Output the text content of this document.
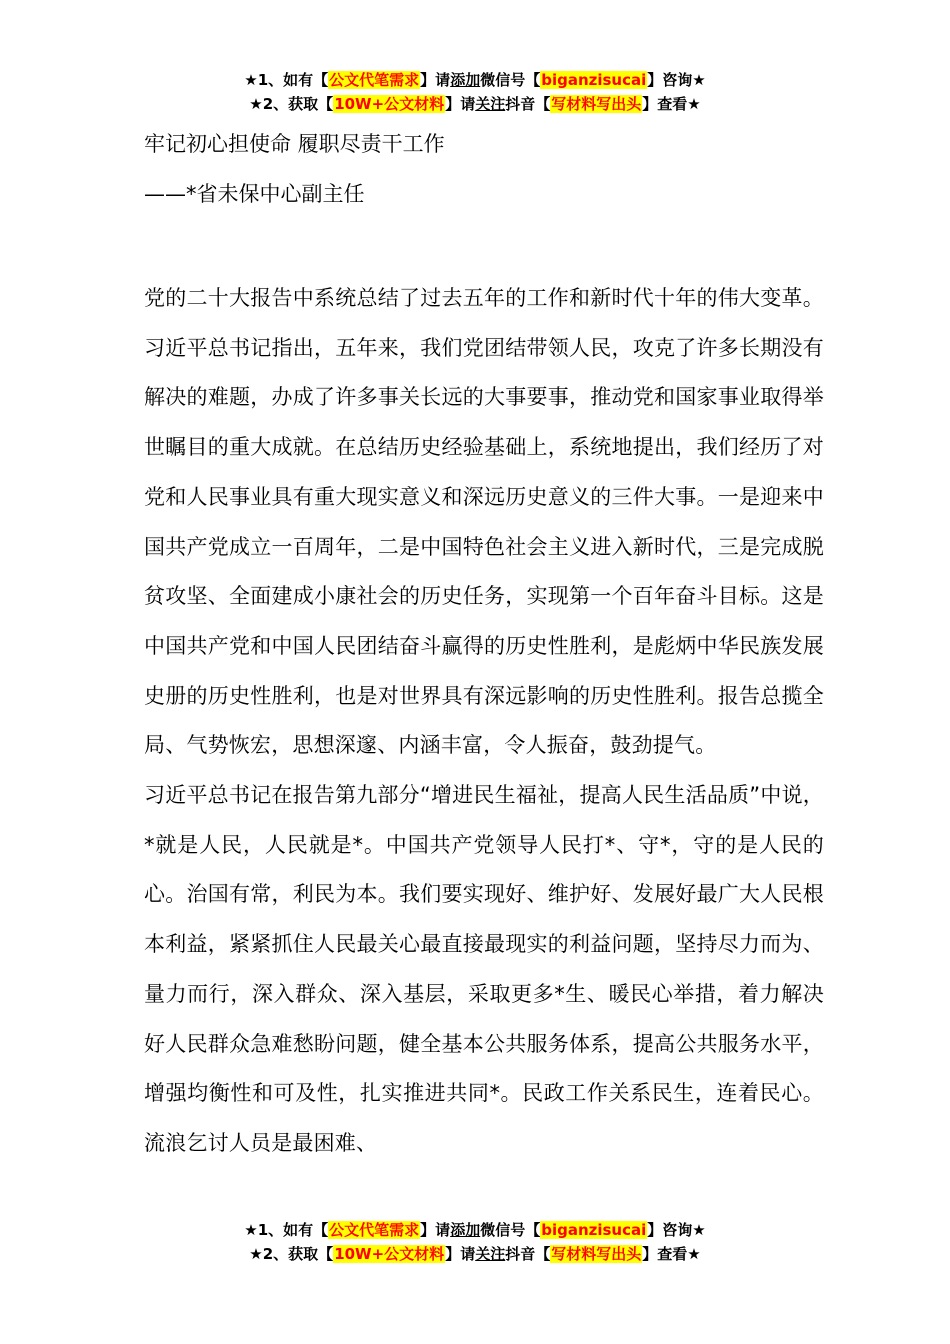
★1、如有【公文代笔需求】请添加微信号【biganzisucai】咨询★
★2、获取【10W+公文材料】请关注抖音【写材料写出头】查看★
牢记初心担使命 履职尽责干工作
——*省未保中心副主任

党的二十大报告中系统总结了过去五年的工作和新时代十年的伟大变革。习近平总书记指出，五年来，我们党团结带领人民，攻克了许多长期没有解决的难题，办成了许多事关长远的大事要事，推动党和国家事业取得举世瞩目的重大成就。在总结历史经验基础上，系统地提出，我们经历了对党和人民事业具有重大现实意义和深远历史意义的三件大事。一是迎来中国共产党成立一百周年，二是中国特色社会主义进入新时代，三是完成脱贫攻坚、全面建成小康社会的历史任务，实现第一个百年奋斗目标。这是中国共产党和中国人民团结奋斗赢得的历史性胜利，是彪炳中华民族发展史册的历史性胜利，也是对世界具有深远影响的历史性胜利。报告总揽全局、气势恢宏，思想深邃、内涵丰富，令人振奋，鼓劲提气。

习近平总书记在报告第九部分“增进民生福祉，提高人民生活品质”中说，*就是人民，人民就是*。中国共产党领导人民打*、守*，守的是人民的心。治国有常，利民为本。我们要实现好、维护好、发展好最广大人民根本利益，紧紧抓住人民最关心最直接最现实的利益问题，坚持尽力而为、量力而行，深入群众、深入基层，采取更多*生、暖民心举措，着力解决好人民群众急难愁盼问题，健全基本公共服务体系，提高公共服务水平，增强均衡性和可及性，扎实推进共同*。民政工作关系民生，连着民心。流浪乞讨人员是最困难、

★1、如有【公文代笔需求】请添加微信号【biganzisucai】咨询★
★2、获取【10W+公文材料】请关注抖音【写材料写出头】查看★
